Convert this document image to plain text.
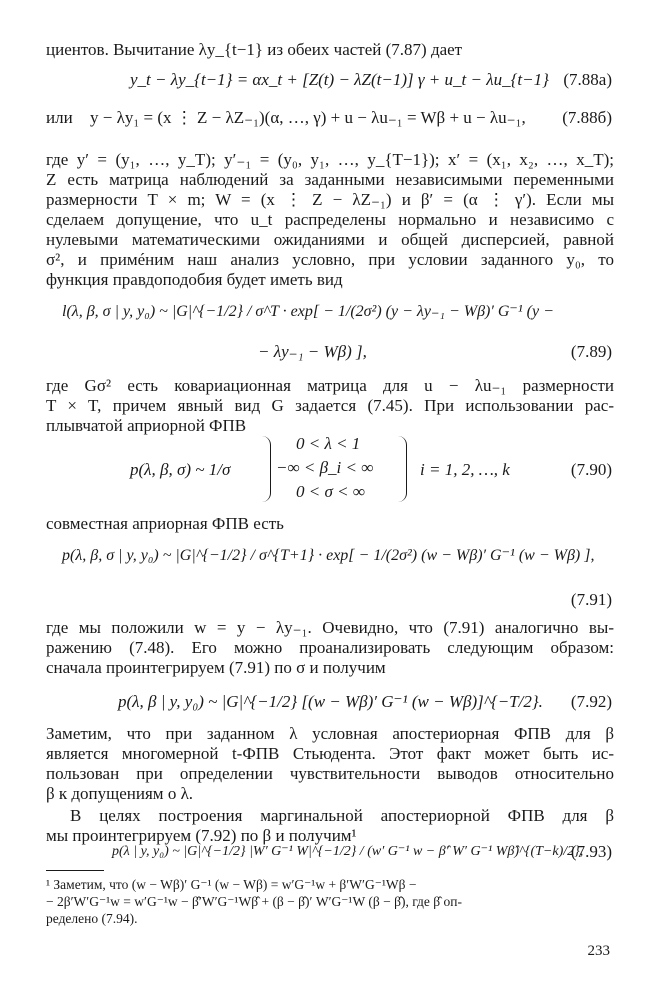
циентов. Вычитание λy_{t−1} из обеих частей (7.87) дает
y_t − λy_{t−1} = αx_t + [Z(t) − λZ(t−1)] γ + u_t − λu_{t−1} (7.88а)
или	y − λy₁ = (x ⋮ Z − λZ₋₁)(α, …, γ) + u − λu₋₁ = Wβ + u − λu₋₁, (7.88б)
где y′ = (y₁, …, y_T); y′₋₁ = (y₀, y₁, …, y_{T−1}); x′ = (x₁, x₂, …, x_T);
Z есть матрица наблюдений за заданными независимыми переменными
размерности T × m; W = (x ⋮ Z − λZ₋₁) и β′ = (α ⋮ γ′). Если мы
сделаем допущение, что u_t распределены нормально и независимо с
нулевыми математическими ожиданиями и общей дисперсией, равной
σ², и примéним наш анализ условно, при условии заданного y₀, то
функция правдоподобия будет иметь вид
l(λ, β, σ | y, y₀) ~ |G|^{−1/2} / σ^T · exp[ − 1/(2σ²) (y − λy₋₁ − Wβ)′ G⁻¹ (y −
− λy₋₁ − Wβ) ],	(7.89)
где Gσ² есть ковариационная матрица для u − λu₋₁ размерности
T × T, причем явный вид G задается (7.45). При использовании рас-
плывчатой априорной ФПВ
p(λ, β, σ) ~ 1/σ
0 < λ < 1
−∞ < β_i < ∞
0 < σ < ∞
i = 1, 2, …, k	(7.90)
совместная априорная ФПВ есть
p(λ, β, σ | y, y₀) ~ |G|^{−1/2} / σ^{T+1} · exp[ − 1/(2σ²) (w − Wβ)′ G⁻¹ (w − Wβ) ],
(7.91)
где мы положили w = y − λy₋₁. Очевидно, что (7.91) аналогично вы-
ражению (7.48). Его можно проанализировать следующим образом:
сначала проинтегрируем (7.91) по σ и получим
p(λ, β | y, y₀) ~ |G|^{−1/2} [(w − Wβ)′ G⁻¹ (w − Wβ)]^{−T/2}. (7.92)
Заметим, что при заданном λ условная апостериорная ФПВ для β
является многомерной t-ФПВ Стьюдента. Этот факт может быть ис-
пользован при определении чувствительности выводов относительно
β к допущениям о λ.
В целях построения маргинальной апостериорной ФПВ для β
мы проинтегрируем (7.92) по β и получим¹
p(λ | y, y₀) ~ |G|^{−1/2} |W′ G⁻¹ W|^{−1/2} / (w′ G⁻¹ w − β̂′ W′ G⁻¹ Wβ̂)^{(T−k)/2},
(7.93)
¹ Заметим, что (w − Wβ)′ G⁻¹ (w − Wβ) = w′G⁻¹w + β′W′G⁻¹Wβ −
− 2β′W′G⁻¹w = w′G⁻¹w − β̂′W′G⁻¹Wβ̂ + (β − β̂)′ W′G⁻¹W (β − β̂), где β̂ оп-
ределено (7.94).
233
